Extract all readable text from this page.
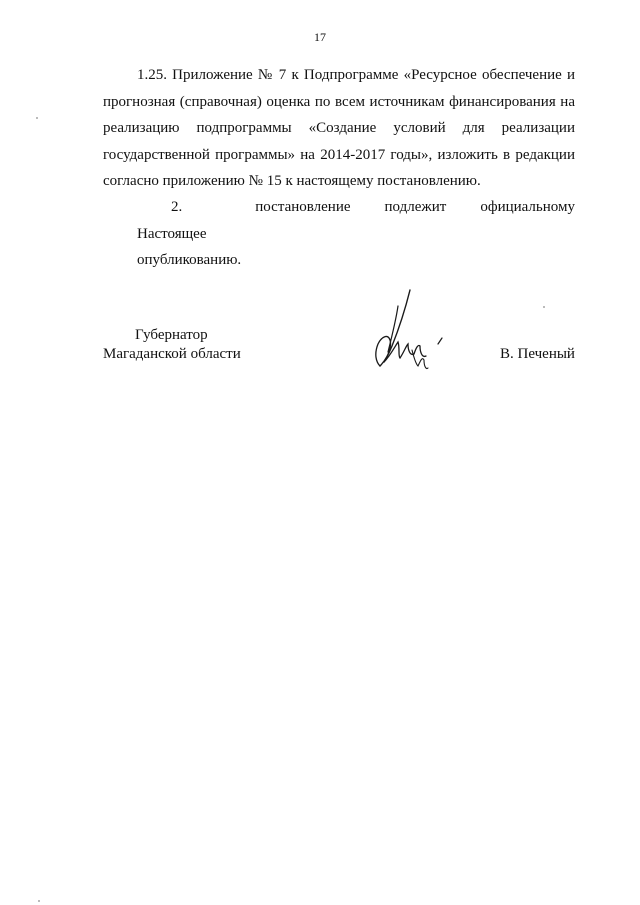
17

1.25. Приложение № 7 к Подпрограмме «Ресурсное обеспечение и прогнозная (справочная) оценка по всем источникам финансирования на реализацию подпрограммы «Создание условий для реализации государственной программы» на 2014-2017 годы», изложить в редакции согласно приложению № 15 к настоящему постановлению.

2. Настоящее
постановление	подлежит	официальному
опубликованию.
Губернатор
Магаданской области	В. Печеный
